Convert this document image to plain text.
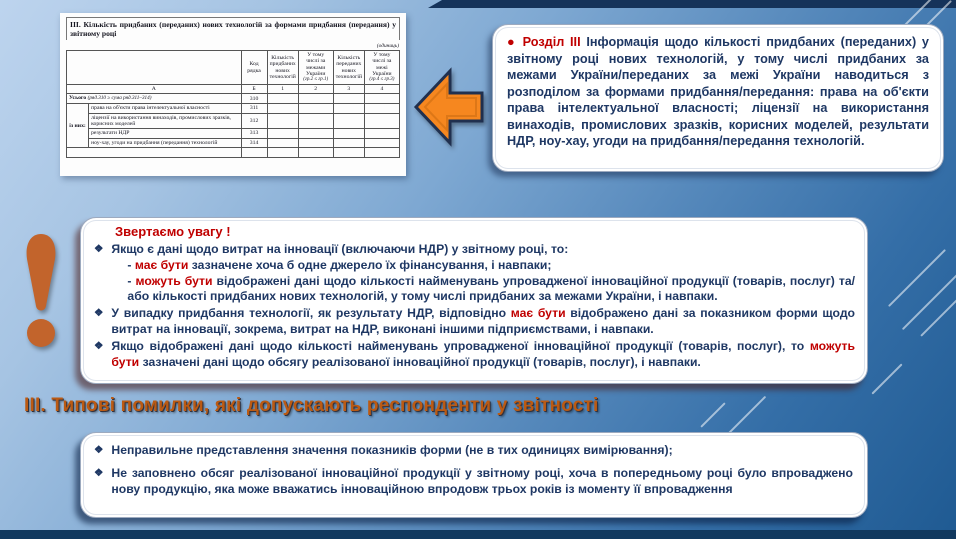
ІІІ. Кількість придбаних (переданих) нових технологій за формами придбання (передання) у звітному році
(одиниць)
		Код рядка	Кількість придбаних нових технологій	У тому числі за межами України
(гр.2 ≤ гр.1)	Кількість переданих нових технологій	У тому числі за межі України
(гр.4 ≤ гр.3)

А		Б	1	2	3	4
Усього (ряд.310 ≥ сума ряд.311–314)		310				
із них:	права на об'єкти права інтелектуальної власності	311				
	ліцензії на використання винаходів, промислових зразків, корисних моделей	312				
	результати НДР	313				
	ноу-хау, угоди на придбання (передання) технологій	314				

● Розділ ІІІ Інформація щодо кількості придбаних (переданих) у звітному році нових технологій, у тому числі придбаних за межами України/переданих за межі України наводиться з розподілом за формами придбання/передання: права на об'єкти права інтелектуальної власності; ліцензії на використання винаходів, промислових зразків, корисних моделей, результати НДР, ноу-хау, угоди на придбання/передання технологій.
Звертаємо увагу !
❖ Якщо є дані щодо витрат на інновації (включаючи НДР) у звітному році, то:
- має бути зазначене хоча б одне джерело їх фінансування, і навпаки;
- можуть бути відображені дані щодо кількості найменувань упровадженої інноваційної продукції (товарів, послуг) та/або кількості придбаних нових технологій, у тому числі придбаних за межами України, і навпаки.
❖ У випадку придбання технології, як результату НДР, відповідно має бути відображено дані за показником форми щодо витрат на інновації, зокрема, витрат на НДР, виконані іншими підприємствами, і навпаки.
❖ Якщо відображені дані щодо кількості найменувань упровадженої інноваційної продукції (товарів, послуг), то можуть бути зазначені дані щодо обсягу реалізованої інноваційної продукції (товарів, послуг), і навпаки.
ІІІ. Типові помилки, які допускають респонденти у звітності
❖ Неправильне представлення значення показників форми (не в тих одиницях вимірювання);
❖ Не заповнено обсяг реалізованої інноваційної продукції у звітному році, хоча в попередньому році було впроваджено нову продукцію, яка може вважатись інноваційною впродовж трьох років із моменту її впровадження
